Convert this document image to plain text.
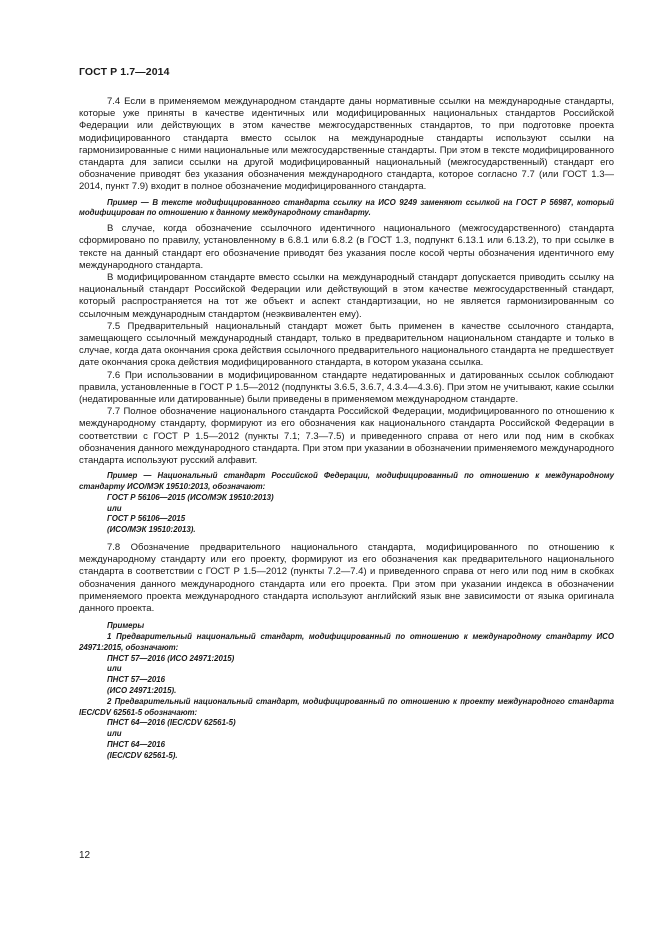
ГОСТ Р 1.7—2014

7.4 Если в применяемом международном стандарте даны нормативные ссылки на международные стандарты, которые уже приняты в качестве идентичных или модифицированных национальных стандартов Российской Федерации или действующих в этом качестве межгосударственных стандартов, то при подготовке проекта модифицированного стандарта вместо ссылок на международные стандарты используют ссылки на гармонизированные с ними национальные или межгосударственные стандарты. При этом в тексте модифицированного стандарта для записи ссылки на другой модифицированный национальный (межгосударственный) стандарт его обозначение приводят без указания обозначения международного стандарта, которое согласно 7.7 (или ГОСТ 1.3—2014, пункт 7.9) входит в полное обозначение модифицированного стандарта.

Пример — В тексте модифицированного стандарта ссылку на ИСО 9249 заменяют ссылкой на ГОСТ Р 56987, который модифицирован по отношению к данному международному стандарту.

В случае, когда обозначение ссылочного идентичного национального (межгосударственного) стандарта сформировано по правилу, установленному в 6.8.1 или 6.8.2 (в ГОСТ 1.3, подпункт 6.13.1 или 6.13.2), то при ссылке в тексте на данный стандарт его обозначение приводят без указания после косой черты обозначения идентичного ему международного стандарта.

В модифицированном стандарте вместо ссылки на международный стандарт допускается приводить ссылку на национальный стандарт Российской Федерации или действующий в этом качестве межгосударственный стандарт, который распространяется на тот же объект и аспект стандартизации, но не является гармонизированным со ссылочным международным стандартом (неэквивалентен ему).

7.5 Предварительный национальный стандарт может быть применен в качестве ссылочного стандарта, замещающего ссылочный международный стандарт, только в предварительном национальном стандарте и только в случае, когда дата окончания срока действия ссылочного предварительного национального стандарта не предшествует дате окончания срока действия модифицированного стандарта, в котором указана ссылка.

7.6 При использовании в модифицированном стандарте недатированных и датированных ссылок соблюдают правила, установленные в ГОСТ Р 1.5—2012 (подпункты 3.6.5, 3.6.7, 4.3.4—4.3.6). При этом не учитывают, какие ссылки (недатированные или датированные) были приведены в применяемом международном стандарте.

7.7 Полное обозначение национального стандарта Российской Федерации, модифицированного по отношению к международному стандарту, формируют из его обозначения как национального стандарта Российской Федерации в соответствии с ГОСТ Р 1.5—2012 (пункты 7.1; 7.3—7.5) и приведенного справа от него или под ним в скобках обозначения данного международного стандарта. При этом при указании в обозначении применяемого международного стандарта используют русский алфавит.

Пример — Национальный стандарт Российской Федерации, модифицированный по отношению к международному стандарту ИСО/МЭК 19510:2013, обозначают:

ГОСТ Р 56106—2015 (ИСО/МЭК 19510:2013)

или

ГОСТ Р 56106—2015

(ИСО/МЭК 19510:2013).

7.8 Обозначение предварительного национального стандарта, модифицированного по отношению к международному стандарту или его проекту, формируют из его обозначения как предварительного национального стандарта в соответствии с ГОСТ Р 1.5—2012 (пункты 7.2—7.4) и приведенного справа от него или под ним в скобках обозначения данного международного стандарта или его проекта. При этом при указании индекса в обозначении применяемого проекта международного стандарта используют английский язык вне зависимости от языка оригинала данного проекта.

Примеры

1 Предварительный национальный стандарт, модифицированный по отношению к международному стандарту ИСО 24971:2015, обозначают:

ПНСТ 57—2016 (ИСО 24971:2015)

или

ПНСТ 57—2016

(ИСО 24971:2015).

2 Предварительный национальный стандарт, модифицированный по отношению к проекту международного стандарта IEC/CDV 62561-5 обозначают:

ПНСТ 64—2016 (IEC/CDV 62561-5)

или

ПНСТ 64—2016

(IEC/CDV 62561-5).

12
